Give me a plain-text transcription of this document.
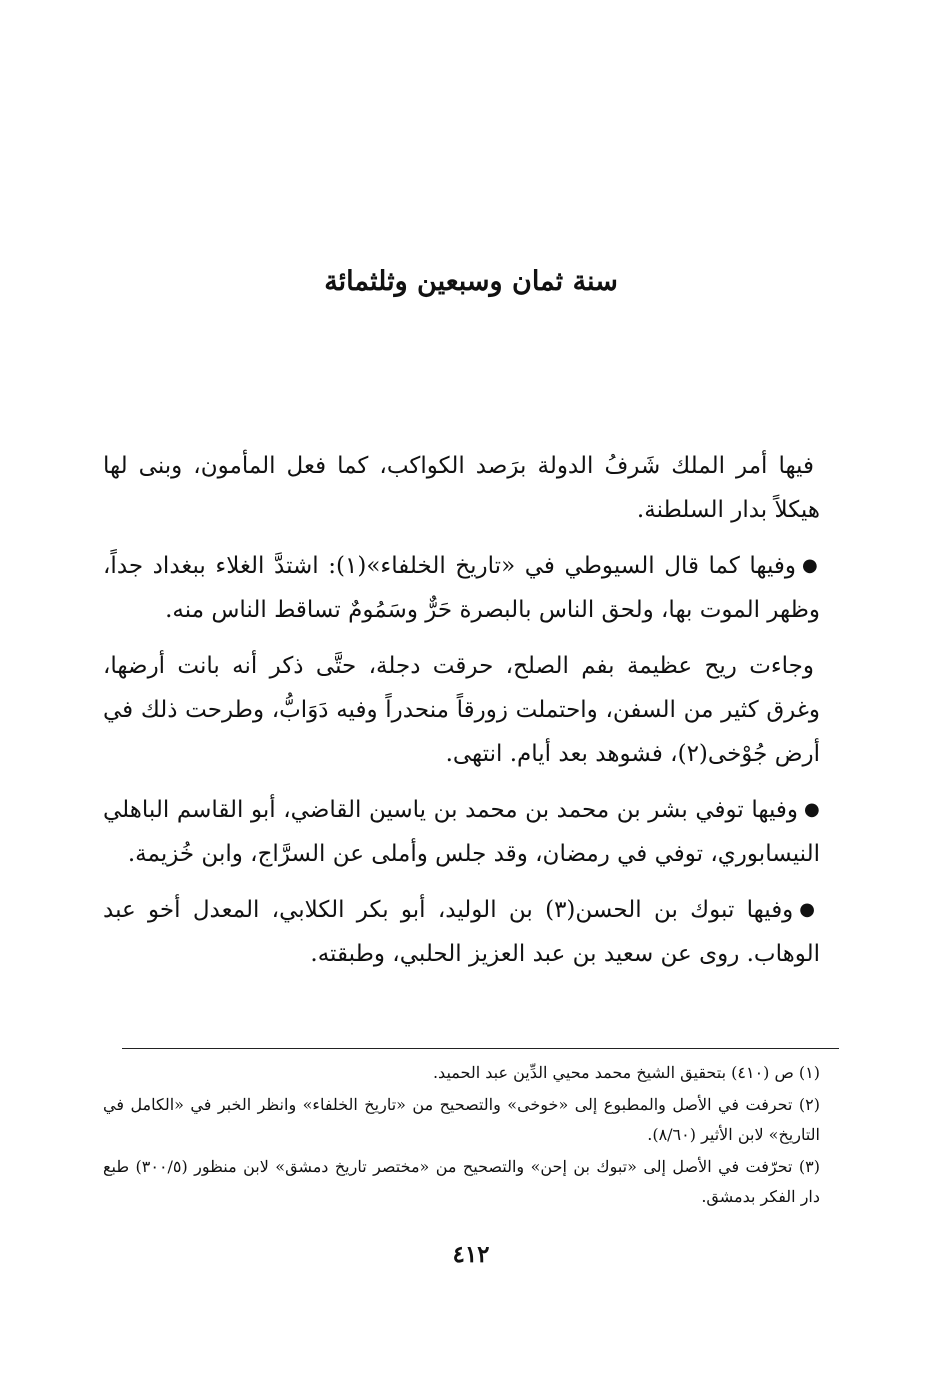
سنة ثمان وسبعين وثلثمائة

فيها أمر الملك شَرفُ الدولة برَصد الكواكب، كما فعل المأمون، وبنى لها هيكلاً بدار السلطنة.

●وفيها كما قال السيوطي في «تاريخ الخلفاء»(١): اشتدَّ الغلاء ببغداد جداً، وظهر الموت بها، ولحق الناس بالبصرة حَرٌّ وسَمُومٌ تساقط الناس منه.

وجاءت ريح عظيمة بفم الصلح، حرقت دجلة، حتَّى ذكر أنه بانت أرضها، وغرق كثير من السفن، واحتملت زورقاً منحدراً وفيه دَوَابُّ، وطرحت ذلك في أرض جُوْخى(٢)، فشوهد بعد أيام. انتهى.

●وفيها توفي بشر بن محمد بن محمد بن ياسين القاضي، أبو القاسم الباهلي النيسابوري، توفي في رمضان، وقد جلس وأملى عن السرَّاج، وابن خُزيمة.

●وفيها تبوك بن الحسن(٣) بن الوليد، أبو بكر الكلابي، المعدل أخو عبد الوهاب. روى عن سعيد بن عبد العزيز الحلبي، وطبقته.

(١) ص (٤١٠) بتحقيق الشيخ محمد محيي الدِّين عبد الحميد.

(٢) تحرفت في الأصل والمطبوع إلى «خوخى» والتصحيح من «تاريخ الخلفاء» وانظر الخبر في «الكامل في التاريخ» لابن الأثير (٨/٦٠).

(٣) تحرّفت في الأصل إلى «تبوك بن إحن» والتصحيح من «مختصر تاريخ دمشق» لابن منظور (٣٠٠/٥) طبع دار الفكر بدمشق.

٤١٢
